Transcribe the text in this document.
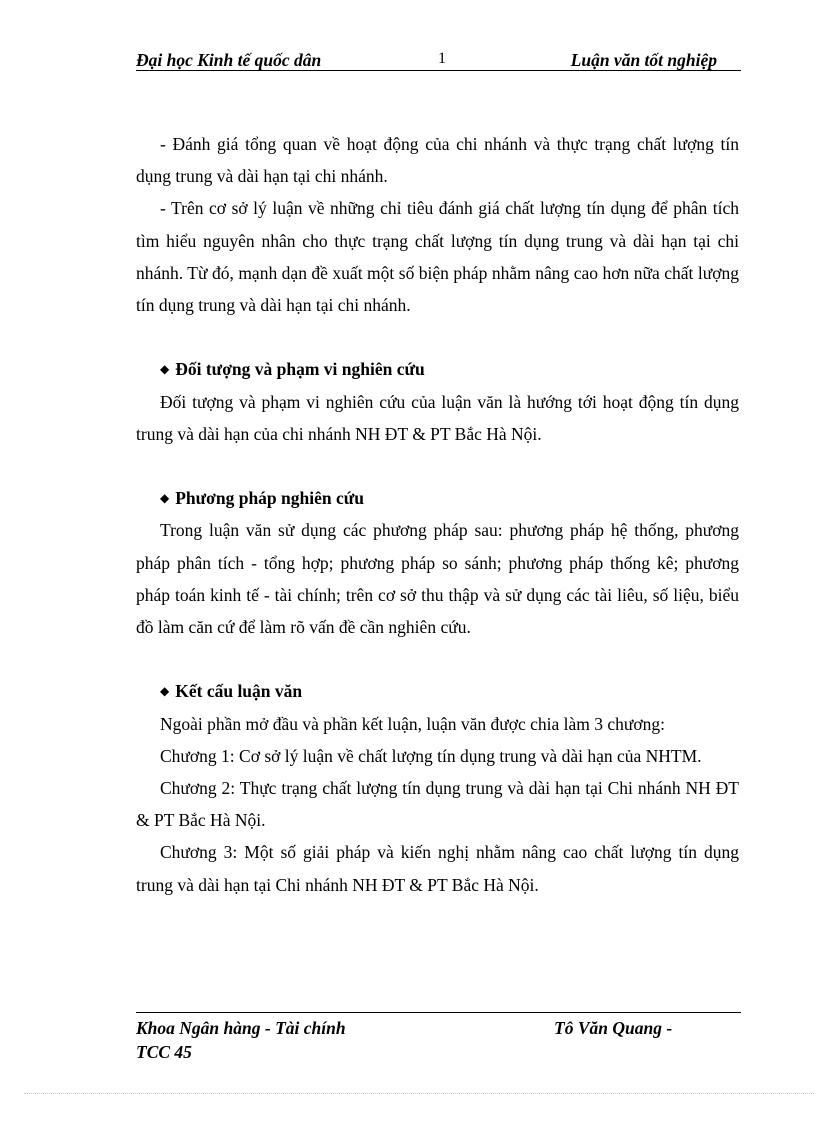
Đại học Kinh tế quốc dân	1	Luận văn tốt nghiệp

- Đánh giá tổng quan về hoạt động của chi nhánh và thực trạng chất lượng tín dụng trung và dài hạn tại chi nhánh.

- Trên cơ sở lý luận về những chỉ tiêu đánh giá chất lượng tín dụng để phân tích tìm hiểu nguyên nhân cho thực trạng chất lượng tín dụng trung và dài hạn tại chi nhánh. Từ đó, mạnh dạn đề xuất một số biện pháp nhằm nâng cao hơn nữa chất lượng tín dụng trung và dài hạn tại chi nhánh.

◆ Đối tượng và phạm vi nghiên cứu

Đối tượng và phạm vi nghiên cứu của luận văn là hướng tới hoạt động tín dụng trung và dài hạn của chi nhánh NH ĐT & PT Bắc Hà Nội.

◆ Phương pháp nghiên cứu

Trong luận văn sử dụng các phương pháp sau: phương pháp hệ thống, phương pháp phân tích - tổng hợp; phương pháp so sánh; phương pháp thống kê; phương pháp toán kinh tế - tài chính; trên cơ sở thu thập và sử dụng các tài liêu, số liệu, biểu đồ làm căn cứ để làm rõ vấn đề cần nghiên cứu.

◆ Kết cấu luận văn

Ngoài phần mở đầu và phần kết luận, luận văn được chia làm 3 chương:

Chương 1: Cơ sở lý luận về chất lượng tín dụng trung và dài hạn của NHTM.

Chương 2: Thực trạng chất lượng tín dụng trung và dài hạn tại Chi nhánh NH ĐT & PT Bắc Hà Nội.

Chương 3: Một số giải pháp và kiến nghị nhằm nâng cao chất lượng tín dụng trung và dài hạn tại Chi nhánh NH ĐT & PT Bắc Hà Nội.

Khoa Ngân hàng - Tài chính	Tô Văn Quang -
TCC 45
